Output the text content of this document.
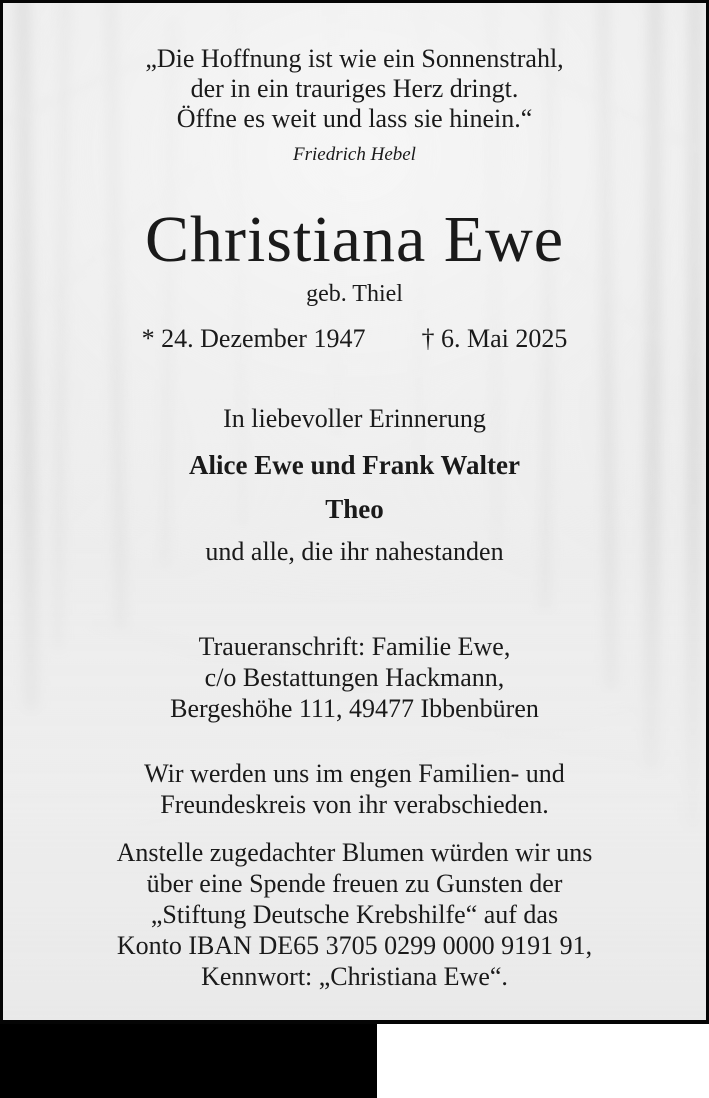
„Die Hoffnung ist wie ein Sonnenstrahl,
der in ein trauriges Herz dringt.
Öffne es weit und lass sie hinein.“
Friedrich Hebel
Christiana Ewe
geb. Thiel
* 24. Dezember 1947 † 6. Mai 2025
In liebevoller Erinnerung
Alice Ewe und Frank Walter
Theo
und alle, die ihr nahestanden
Traueranschrift: Familie Ewe,
c/o Bestattungen Hackmann,
Bergeshöhe 111, 49477 Ibbenbüren
Wir werden uns im engen Familien- und
Freundeskreis von ihr verabschieden.
Anstelle zugedachter Blumen würden wir uns
über eine Spende freuen zu Gunsten der
„Stiftung Deutsche Krebshilfe“ auf das
Konto IBAN DE65 3705 0299 0000 9191 91,
Kennwort: „Christiana Ewe“.
